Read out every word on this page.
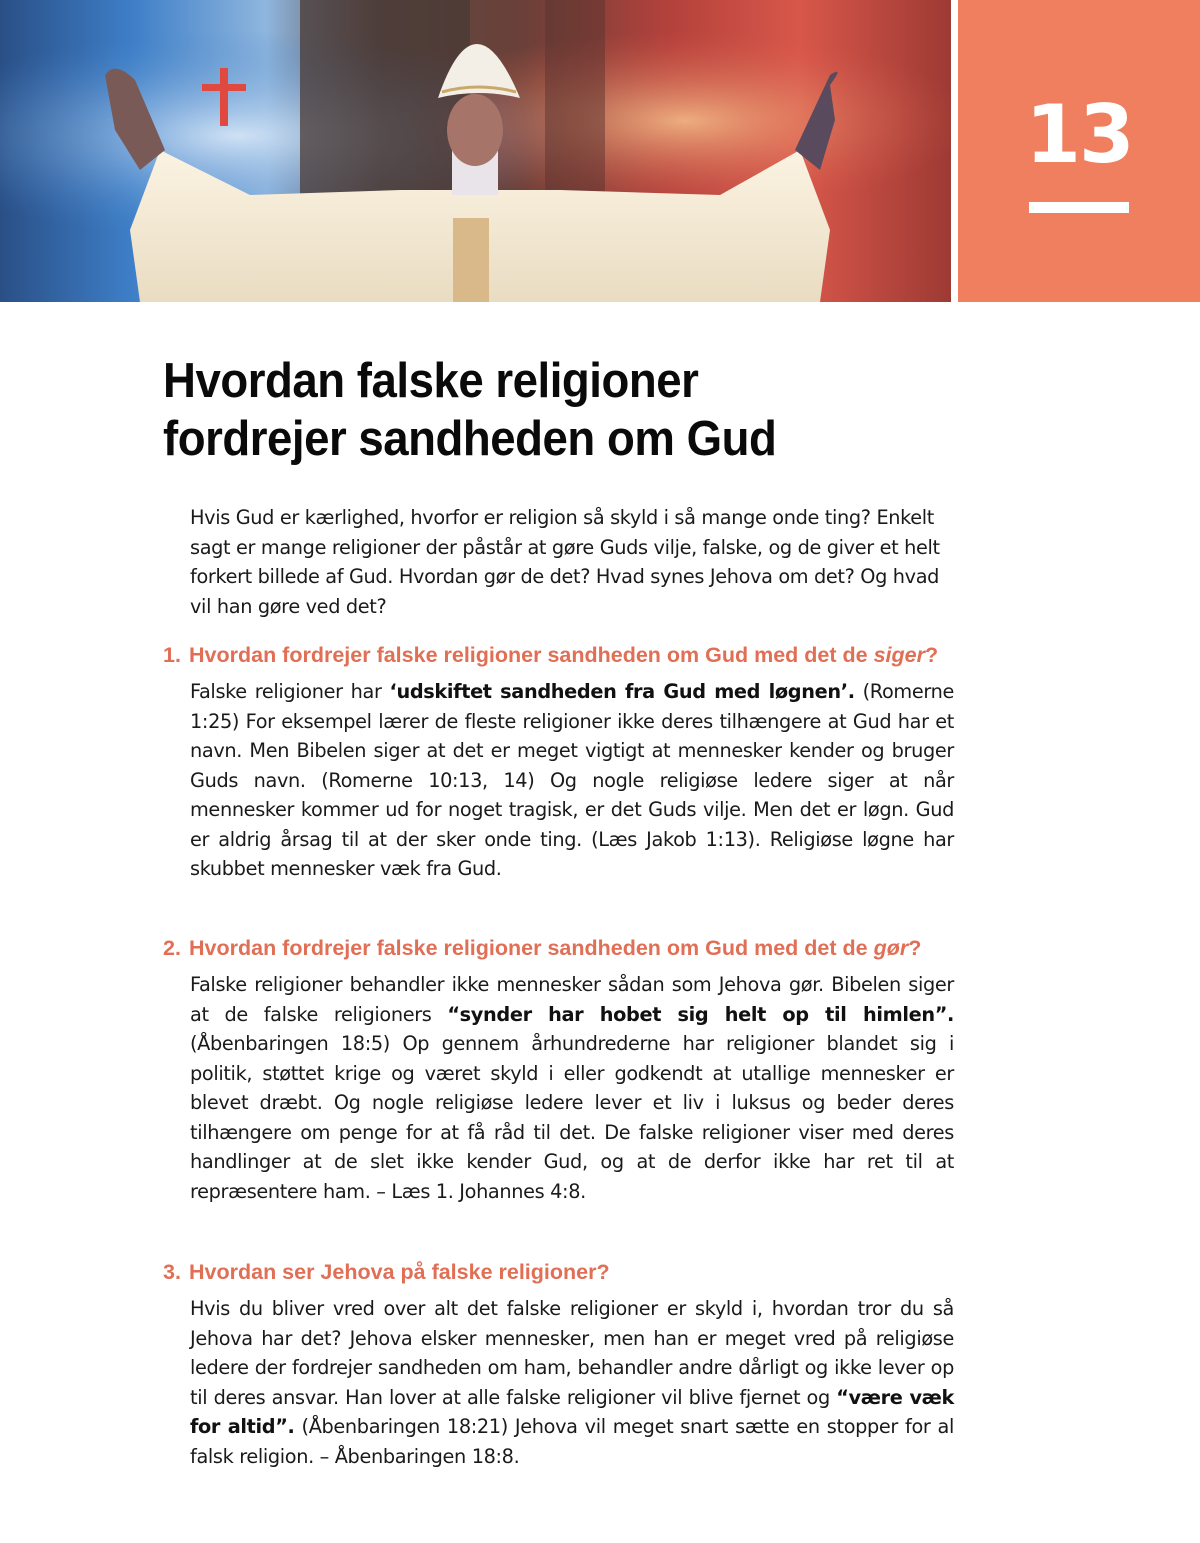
13
Hvordan falske religioner
fordrejer sandheden om Gud

Hvis Gud er kærlighed, hvorfor er religion så skyld i så mange onde ting? Enkelt sagt er mange religioner der påstår at gøre Guds vilje, falske, og de giver et helt forkert billede af Gud. Hvordan gør de det? Hvad synes Jehova om det? Og hvad vil han gøre ved det?

1. Hvordan fordrejer falske religioner sandheden om Gud med det de siger?

Falske religioner har ‘udskiftet sandheden fra Gud med løgnen’. (Romerne 1:25) For eksempel lærer de fleste religioner ikke deres tilhængere at Gud har et navn. Men Bibelen siger at det er meget vigtigt at mennesker kender og bruger Guds navn. (Romerne 10:13, 14) Og nogle religiøse ledere siger at når mennesker kommer ud for noget tragisk, er det Guds vilje. Men det er løgn. Gud er aldrig årsag til at der sker onde ting. (Læs Jakob 1:13). Religiøse løgne har skubbet mennesker væk fra Gud.

2. Hvordan fordrejer falske religioner sandheden om Gud med det de gør?

Falske religioner behandler ikke mennesker sådan som Jehova gør. Bibelen siger at de falske religioners “synder har hobet sig helt op til himlen”. (Åbenbaringen 18:5) Op gennem århundrederne har religioner blandet sig i politik, støttet krige og været skyld i eller godkendt at utallige mennesker er blevet dræbt. Og nogle religiøse ledere lever et liv i luksus og beder deres tilhængere om penge for at få råd til det. De falske religioner viser med deres handlinger at de slet ikke kender Gud, og at de derfor ikke har ret til at repræsentere ham. – Læs 1. Johannes 4:8.

3. Hvordan ser Jehova på falske religioner?

Hvis du bliver vred over alt det falske religioner er skyld i, hvordan tror du så Jehova har det? Jehova elsker mennesker, men han er meget vred på religiøse ledere der fordrejer sandheden om ham, behandler andre dårligt og ikke lever op til deres ansvar. Han lover at alle falske religioner vil blive fjernet og “være væk for altid”. (Åbenbaringen 18:21) Jehova vil meget snart sætte en stopper for al falsk religion. – Åbenbaringen 18:8.
